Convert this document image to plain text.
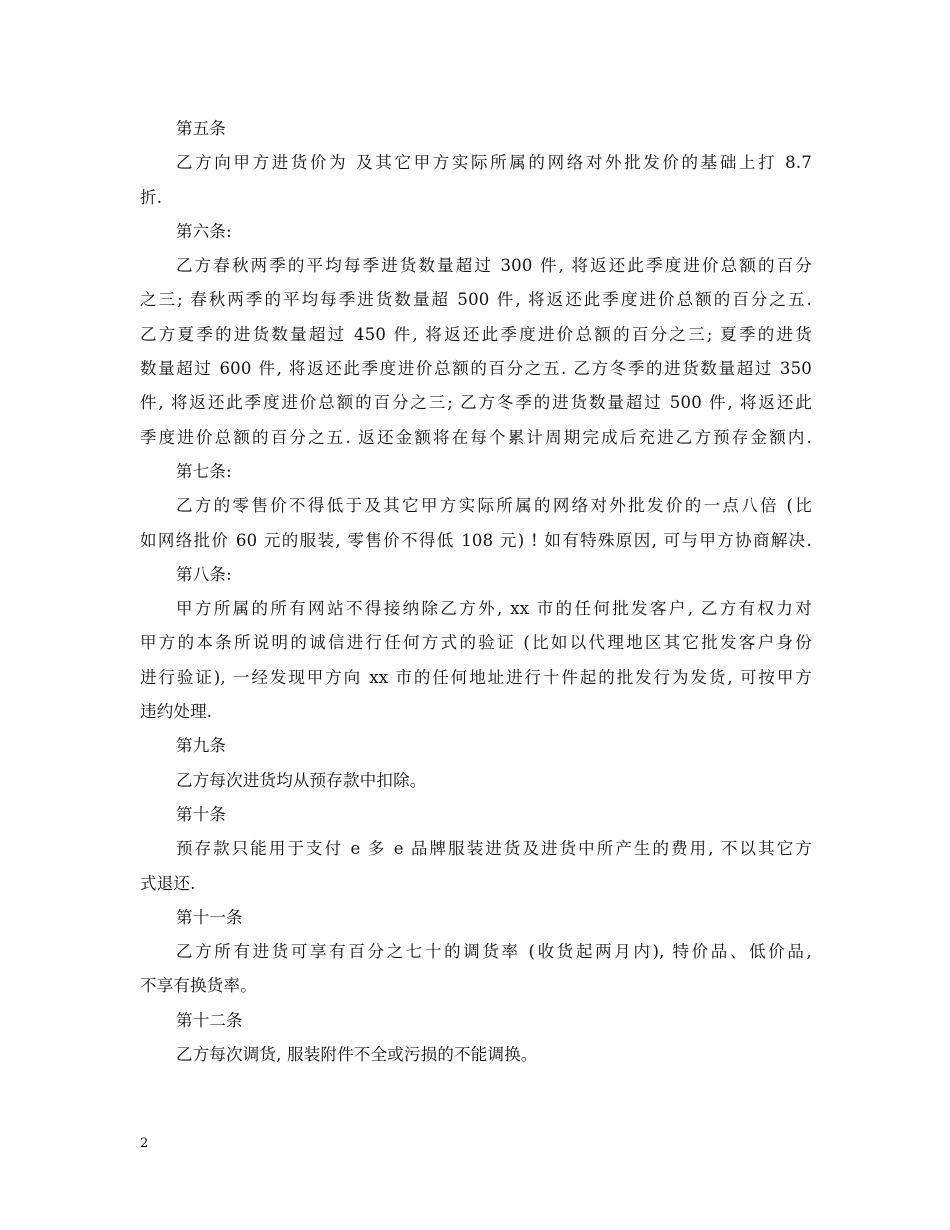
第五条
乙方向甲方进货价为 及其它甲方实际所属的网络对外批发价的基础上打 8.7
折.
第六条:
乙方春秋两季的平均每季进货数量超过 300 件, 将返还此季度进价总额的百分
之三; 春秋两季的平均每季进货数量超 500 件, 将返还此季度进价总额的百分之五.
乙方夏季的进货数量超过 450 件, 将返还此季度进价总额的百分之三; 夏季的进货
数量超过 600 件, 将返还此季度进价总额的百分之五. 乙方冬季的进货数量超过 350
件, 将返还此季度进价总额的百分之三; 乙方冬季的进货数量超过 500 件, 将返还此
季度进价总额的百分之五. 返还金额将在每个累计周期完成后充进乙方预存金额内.
第七条:
乙方的零售价不得低于及其它甲方实际所属的网络对外批发价的一点八倍 (比
如网络批价 60 元的服装, 零售价不得低 108 元) ! 如有特殊原因, 可与甲方协商解决.
第八条:
甲方所属的所有网站不得接纳除乙方外, xx 市的任何批发客户, 乙方有权力对
甲方的本条所说明的诚信进行任何方式的验证 (比如以代理地区其它批发客户身份
进行验证), 一经发现甲方向 xx 市的任何地址进行十件起的批发行为发货, 可按甲方
违约处理.
第九条
乙方每次进货均从预存款中扣除。
第十条
预存款只能用于支付 e 多 e 品牌服装进货及进货中所产生的费用, 不以其它方
式退还.
第十一条
乙方所有进货可享有百分之七十的调货率 (收货起两月内), 特价品、低价品,
不享有换货率。
第十二条
乙方每次调货, 服装附件不全或污损的不能调换。
2
